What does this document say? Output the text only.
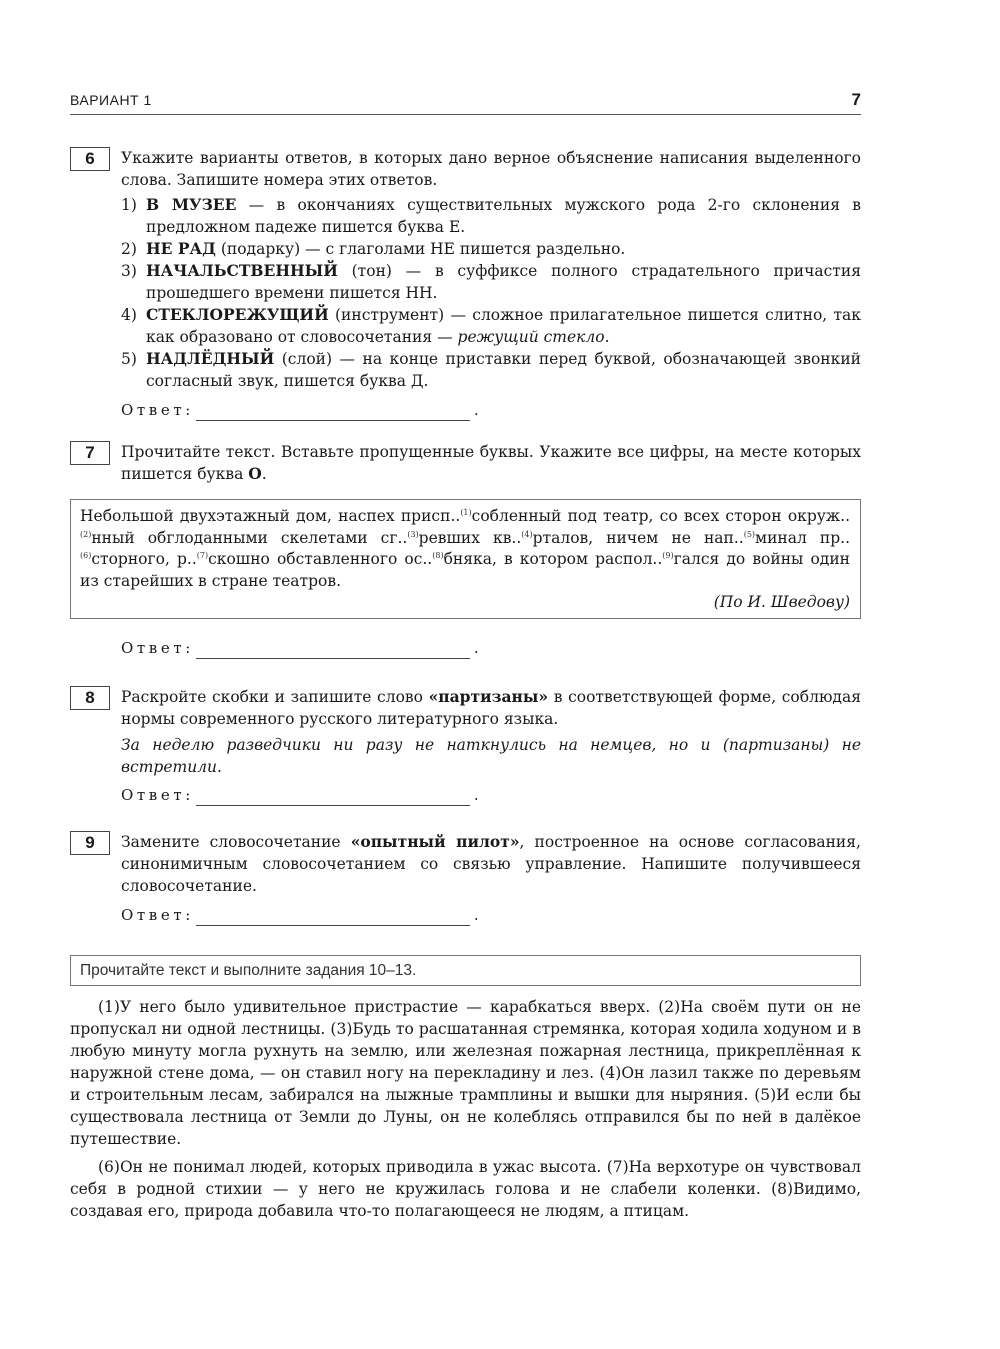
ВАРИАНТ 1	7
6	Укажите варианты ответов, в которых дано верное объяснение написания выделенного слова. Запишите номера этих ответов.

1) В МУЗЕЕ — в окончаниях существительных мужского рода 2-го склонения в предложном падеже пишется буква Е.
2) НЕ РАД (подарку) — с глаголами НЕ пишется раздельно.
3) НАЧАЛЬСТВЕННЫЙ (тон) — в суффиксе полного страдательного причастия прошедшего времени пишется НН.
4) СТЕКЛОРЕЖУЩИЙ (инструмент) — сложное прилагательное пишется слитно, так как образовано от словосочетания — режущий стекло.
5) НАДЛЁДНЫЙ (слой) — на конце приставки перед буквой, обозначающей звонкий согласный звук, пишется буква Д.
Ответ:	.
7	Прочитайте текст. Вставьте пропущенные буквы. Укажите все цифры, на месте которых пишется буква О.

Небольшой двухэтажный дом, наспех присп..$^{(1)}$собленный под театр, со всех сторон окруж..$^{(2)}$нный обглоданными скелетами сг..$^{(3)}$ревших кв..$^{(4)}$рталов, ничем не нап..$^{(5)}$минал пр..$^{(6)}$сторного, р..$^{(7)}$скошно обставленного ос..$^{(8)}$бняка, в котором распол..$^{(9)}$гался до войны один из старейших в стране театров.

(По И. Шведову)

Ответ:	.
8	Раскройте скобки и запишите слово «партизаны» в соответствующей форме, соблюдая нормы современного русского литературного языка.

За неделю разведчики ни разу не наткнулись на немцев, но и (партизаны) не встретили.

Ответ:	.
9	Замените словосочетание «опытный пилот», построенное на основе согласования, синонимичным словосочетанием со связью управление. Напишите получившееся словосочетание.

Ответ:	.
Прочитайте текст и выполните задания 10–13.

(1)У него было удивительное пристрастие — карабкаться вверх. (2)На своём пути он не пропускал ни одной лестницы. (3)Будь то расшатанная стремянка, которая ходила ходуном и в любую минуту могла рухнуть на землю, или железная пожарная лестница, прикреплённая к наружной стене дома, — он ставил ногу на перекладину и лез. (4)Он лазил также по деревьям и строительным лесам, забирался на лыжные трамплины и вышки для ныряния. (5)И если бы существовала лестница от Земли до Луны, он не колеблясь отправился бы по ней в далёкое путешествие.

(6)Он не понимал людей, которых приводила в ужас высота. (7)На верхотуре он чувствовал себя в родной стихии — у него не кружилась голова и не слабели коленки. (8)Видимо, создавая его, природа добавила что-то полагающееся не людям, а птицам.
